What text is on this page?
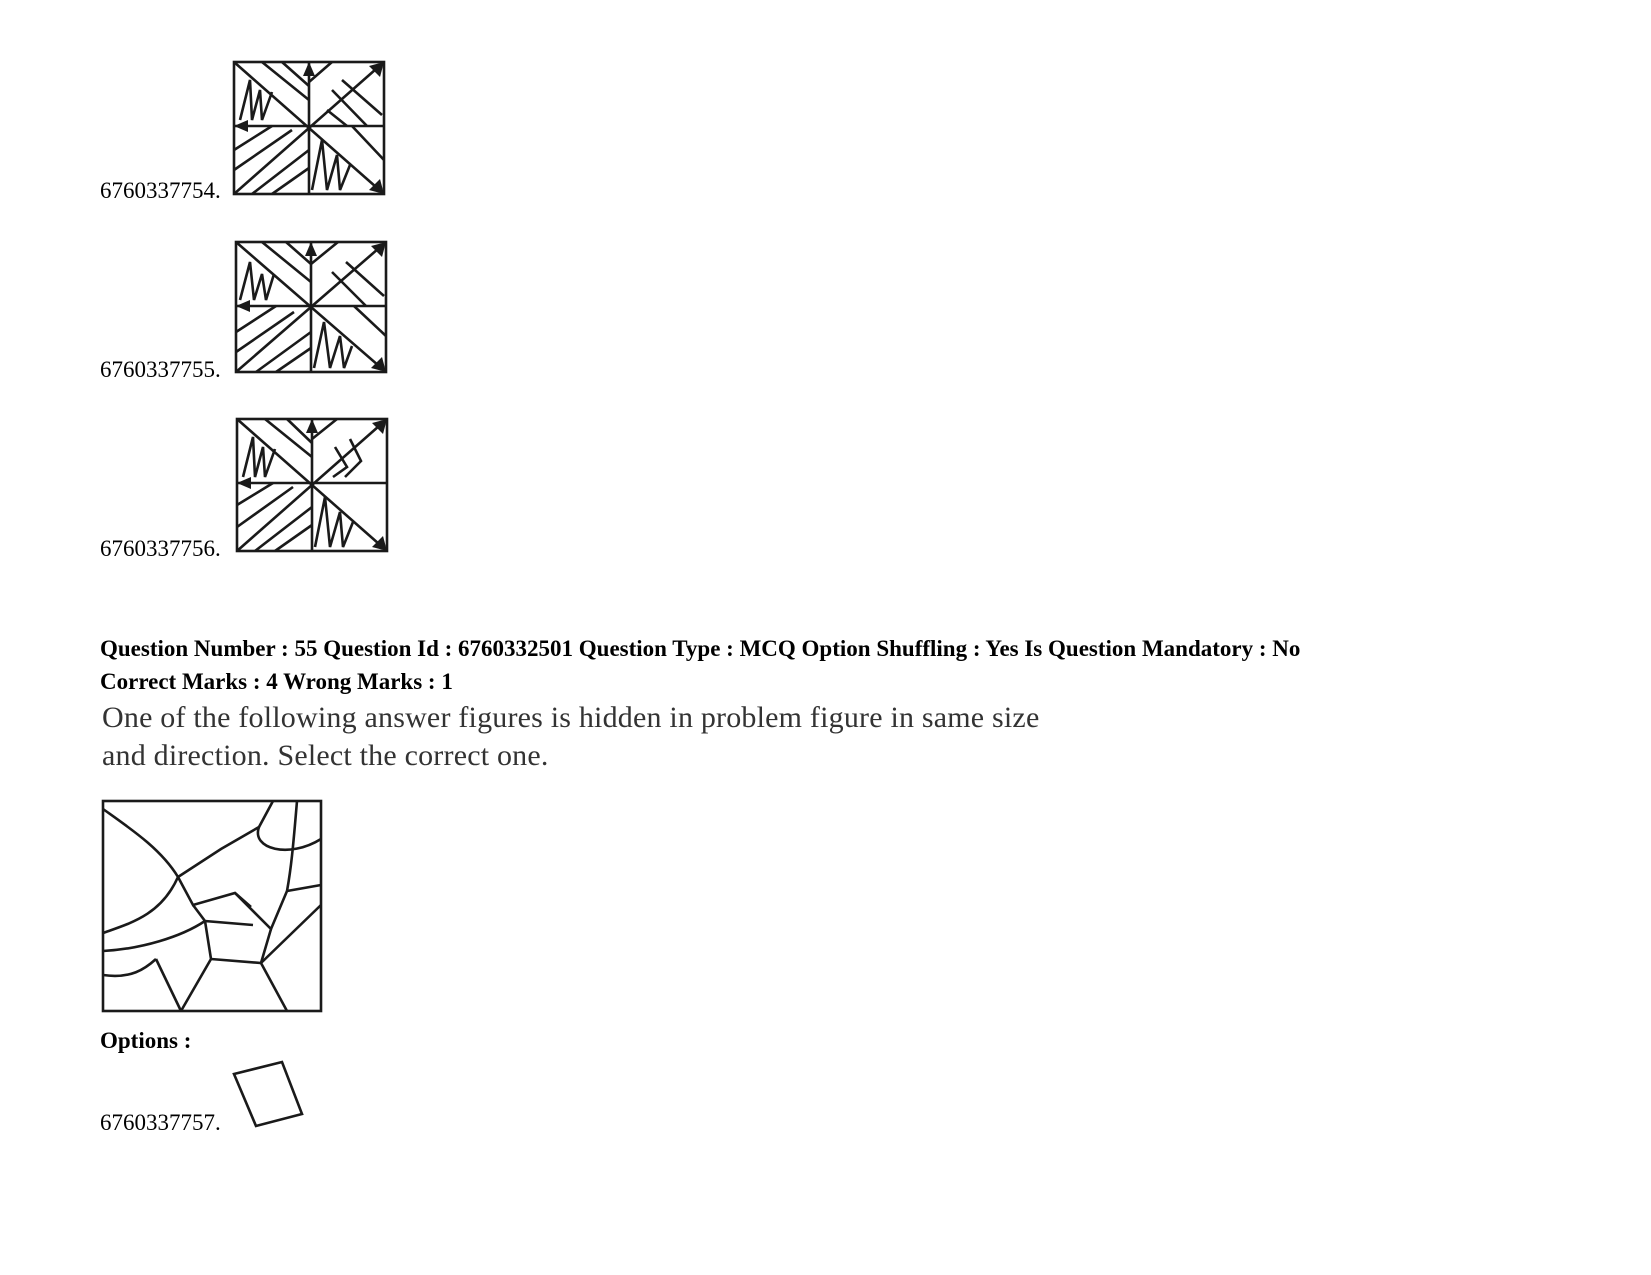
6760337754.
6760337755.
6760337756.
Question Number : 55 Question Id : 6760332501 Question Type : MCQ Option Shuffling : Yes Is Question Mandatory : No
Correct Marks : 4 Wrong Marks : 1
One of the following answer figures is hidden in problem figure in same size
and direction. Select the correct one.
Options :
6760337757.
